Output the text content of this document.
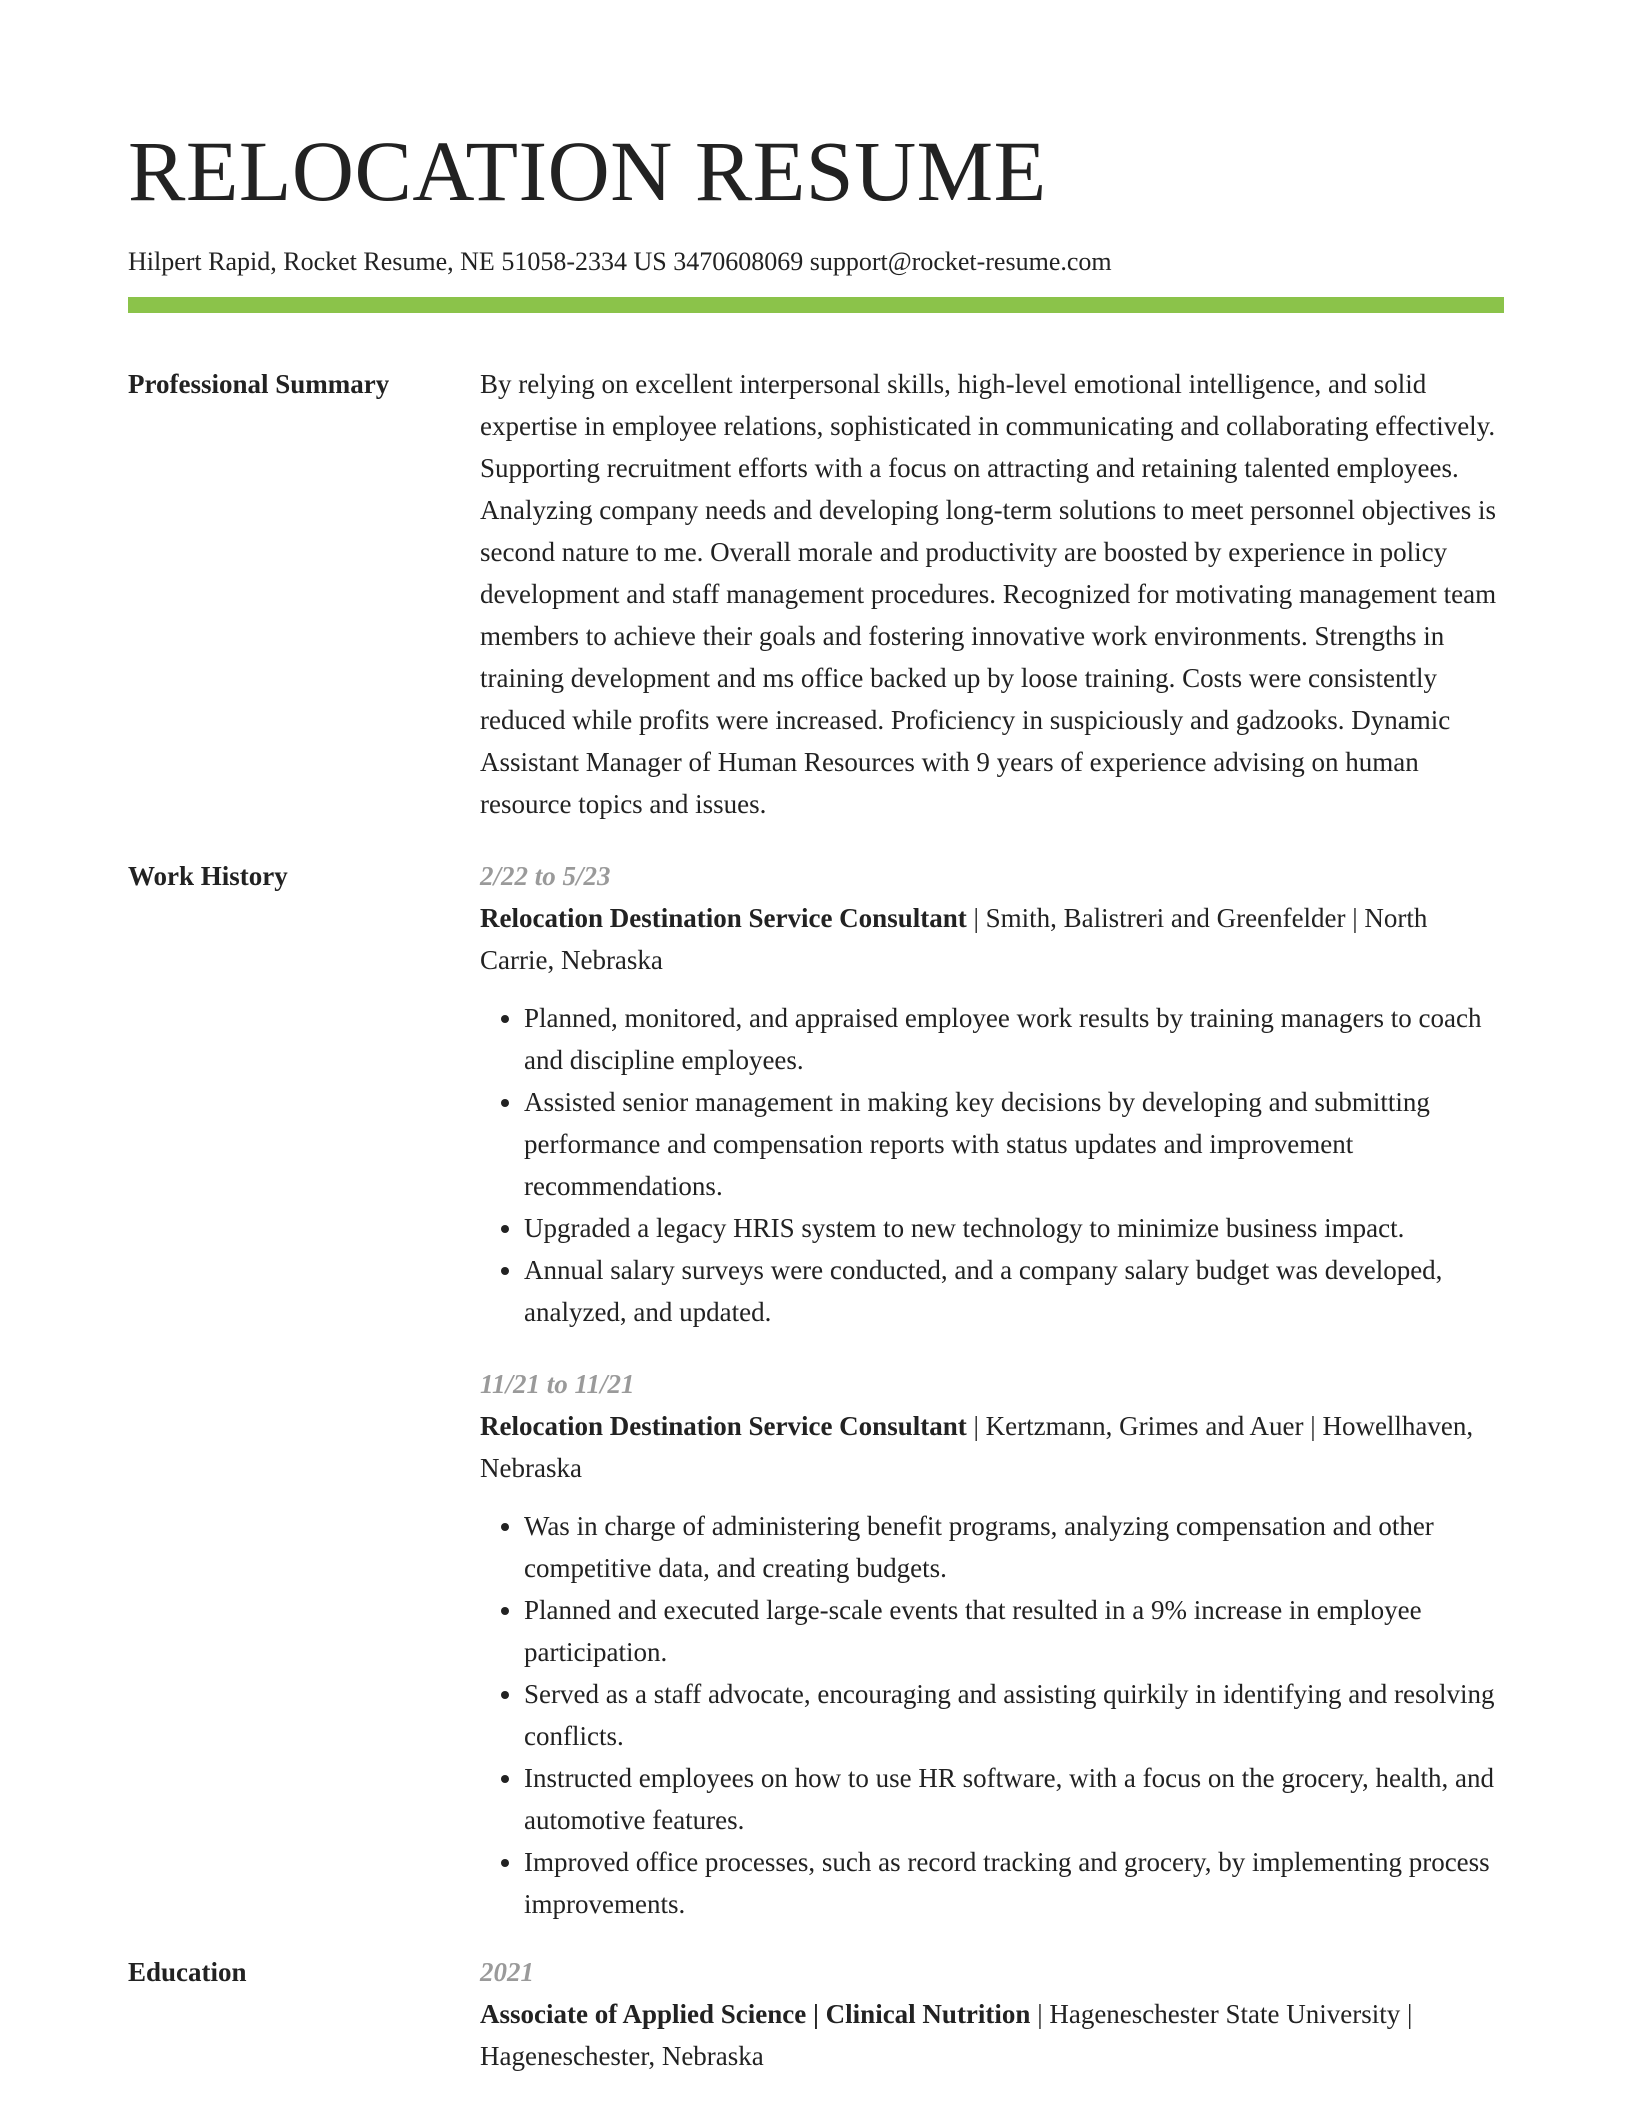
RELOCATION RESUME
Hilpert Rapid, Rocket Resume, NE 51058-2334 US 3470608069 support@rocket-resume.com
Professional Summary	By relying on excellent interpersonal skills, high-level emotional intelligence, and solid expertise in employee relations, sophisticated in communicating and collaborating effectively. Supporting recruitment efforts with a focus on attracting and retaining talented employees. Analyzing company needs and developing long-term solutions to meet personnel objectives is second nature to me. Overall morale and productivity are boosted by experience in policy development and staff management procedures. Recognized for motivating management team members to achieve their goals and fostering innovative work environments. Strengths in training development and ms office backed up by loose training. Costs were consistently reduced while profits were increased. Proficiency in suspiciously and gadzooks. Dynamic Assistant Manager of Human Resources with 9 years of experience advising on human resource topics and issues.
Work History	2/22 to 5/23
Relocation Destination Service Consultant | Smith, Balistreri and Greenfelder | North Carrie, Nebraska
• Planned, monitored, and appraised employee work results by training managers to coach and discipline employees.
• Assisted senior management in making key decisions by developing and submitting performance and compensation reports with status updates and improvement recommendations.
• Upgraded a legacy HRIS system to new technology to minimize business impact.
• Annual salary surveys were conducted, and a company salary budget was developed, analyzed, and updated.
11/21 to 11/21
Relocation Destination Service Consultant | Kertzmann, Grimes and Auer | Howellhaven, Nebraska
• Was in charge of administering benefit programs, analyzing compensation and other competitive data, and creating budgets.
• Planned and executed large-scale events that resulted in a 9% increase in employee participation.
• Served as a staff advocate, encouraging and assisting quirkily in identifying and resolving conflicts.
• Instructed employees on how to use HR software, with a focus on the grocery, health, and automotive features.
• Improved office processes, such as record tracking and grocery, by implementing process improvements.
Education	2021
Associate of Applied Science | Clinical Nutrition | Hageneschester State University | Hageneschester, Nebraska
